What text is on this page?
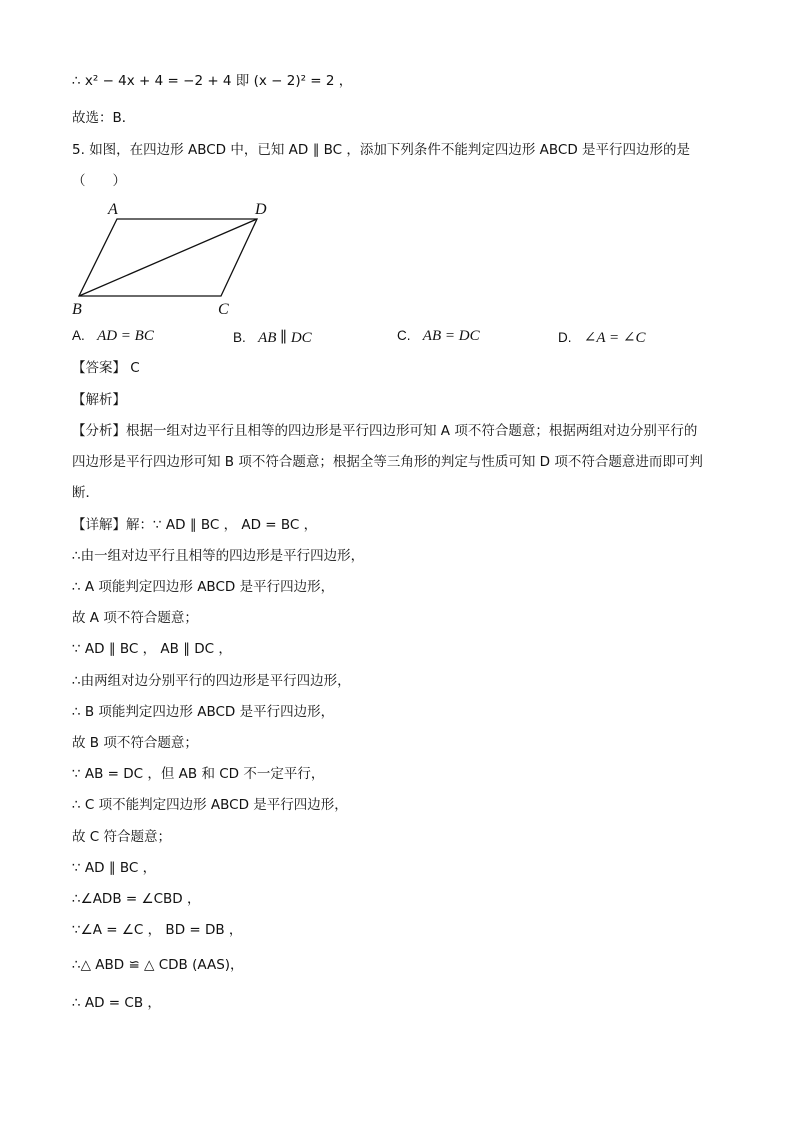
∴ x² − 4x + 4 = −2 + 4 即 (x − 2)² = 2 ，
故选：B．
5. 如图，在四边形 ABCD 中，已知 AD ∥ BC ，添加下列条件不能判定四边形 ABCD 是平行四边形的是
（　　）
A	D
B	C
A. AD = BC	B. AB ∥ DC	C. AB = DC	D. ∠A = ∠C
【答案】 C
【解析】
【分析】根据一组对边平行且相等的四边形是平行四边形可知 A 项不符合题意；根据两组对边分别平行的
四边形是平行四边形可知 B 项不符合题意；根据全等三角形的判定与性质可知 D 项不符合题意进而即可判
断．
【详解】解：∵ AD ∥ BC ， AD = BC ，
∴由一组对边平行且相等的四边形是平行四边形，
∴ A 项能判定四边形 ABCD 是平行四边形，
故 A 项不符合题意；
∵ AD ∥ BC ， AB ∥ DC ，
∴由两组对边分别平行的四边形是平行四边形，
∴ B 项能判定四边形 ABCD 是平行四边形，
故 B 项不符合题意；
∵ AB = DC ，但 AB 和 CD 不一定平行，
∴ C 项不能判定四边形 ABCD 是平行四边形，
故 C 符合题意；
∵ AD ∥ BC ，
∴∠ADB = ∠CBD ，
∵∠A = ∠C ， BD = DB ，
∴△ ABD ≌ △ CDB (AAS)，
∴ AD = CB ，
